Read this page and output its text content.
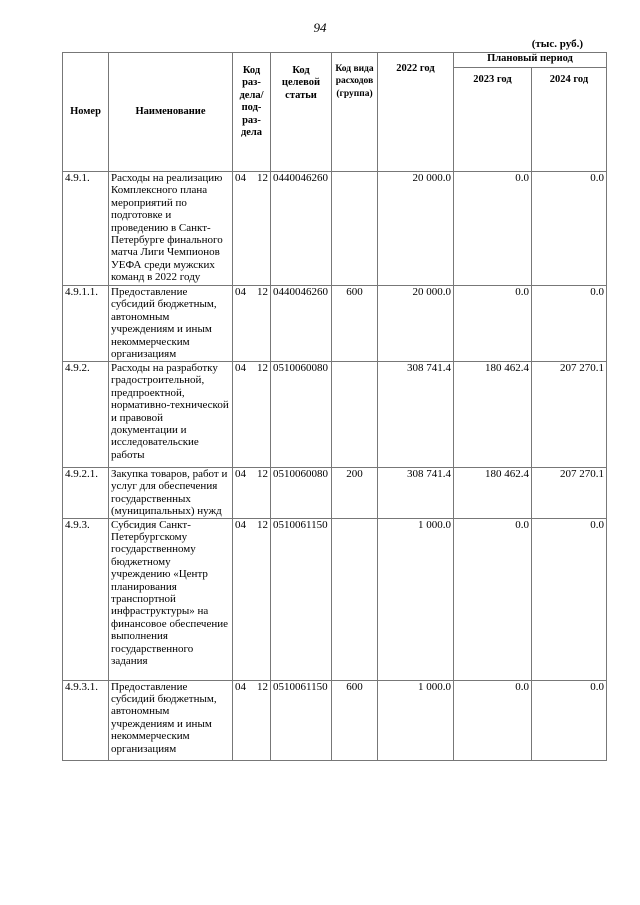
94
(тыс. руб.)
Номер	Наименование	Код раз-дела/ под-раз-дела	Код целевой статьи	Код вида расходов (группа)	2022 год	Плановый период	
						2023 год	2024 год
4.9.1.	Расходы на реализацию Комплексного плана мероприятий по подготовке и проведению в Санкт-Петербурге финального матча Лиги Чемпионов УЕФА среди мужских команд в 2022 году	04 12	0440046260		20 000.0	0.0	0.0
4.9.1.1.	Предоставление субсидий бюджетным, автономным учреждениям и иным некоммерческим организациям	04 12	0440046260	600	20 000.0	0.0	0.0
4.9.2.	Расходы на разработку градостроительной, предпроектной, нормативно-технической и правовой документации и исследовательские работы	04 12	0510060080		308 741.4	180 462.4	207 270.1
4.9.2.1.	Закупка товаров, работ и услуг для обеспечения государственных (муниципальных) нужд	04 12	0510060080	200	308 741.4	180 462.4	207 270.1
4.9.3.	Субсидия Санкт-Петербургскому государственному бюджетному учреждению «Центр планирования транспортной инфраструктуры» на финансовое обеспечение выполнения государственного задания	04 12	0510061150		1 000.0	0.0	0.0
4.9.3.1.	Предоставление субсидий бюджетным, автономным учреждениям и иным некоммерческим организациям	04 12	0510061150	600	1 000.0	0.0	0.0
